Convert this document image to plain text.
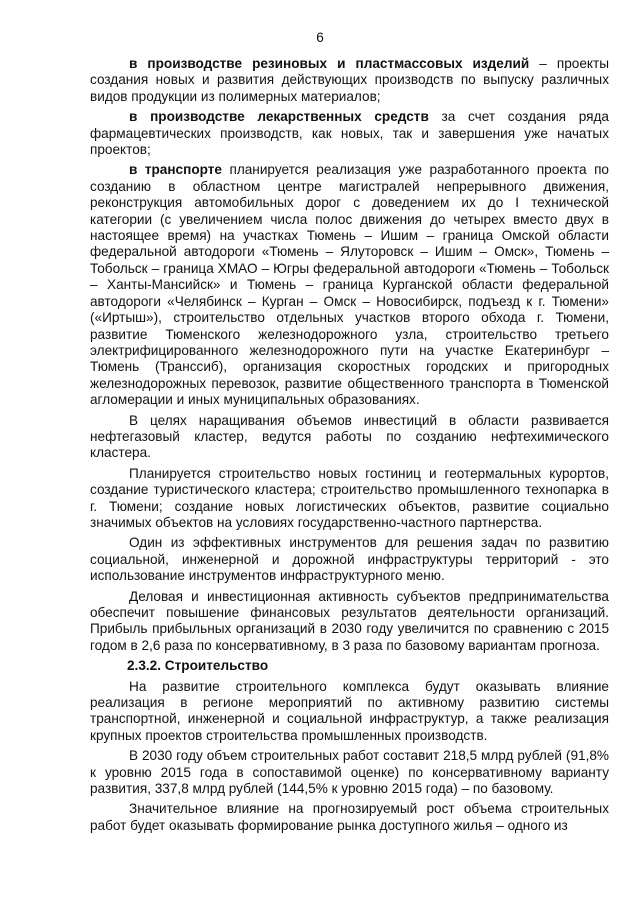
6

в производстве резиновых и пластмассовых изделий – проекты создания новых и развития действующих производств по выпуску различных видов продукции из полимерных материалов;

в производстве лекарственных средств за счет создания ряда фармацевтических производств, как новых, так и завершения уже начатых проектов;

в транспорте планируется реализация уже разработанного проекта по созданию в областном центре магистралей непрерывного движения, реконструкция автомобильных дорог с доведением их до I технической категории (с увеличением числа полос движения до четырех вместо двух в настоящее время) на участках Тюмень – Ишим – граница Омской области федеральной автодороги «Тюмень – Ялуторовск – Ишим – Омск», Тюмень – Тобольск – граница ХМАО – Югры федеральной автодороги «Тюмень – Тобольск – Ханты-Мансийск» и Тюмень – граница Курганской области федеральной автодороги «Челябинск – Курган – Омск – Новосибирск, подъезд к г. Тюмени» («Иртыш»), строительство отдельных участков второго обхода г. Тюмени, развитие Тюменского железнодорожного узла, строительство третьего электрифицированного железнодорожного пути на участке Екатеринбург – Тюмень (Транссиб), организация скоростных городских и пригородных железнодорожных перевозок, развитие общественного транспорта в Тюменской агломерации и иных муниципальных образованиях.

В целях наращивания объемов инвестиций в области развивается нефтегазовый кластер, ведутся работы по созданию нефтехимического кластера.

Планируется строительство новых гостиниц и геотермальных курортов, создание туристического кластера; строительство промышленного технопарка в г. Тюмени; создание новых логистических объектов, развитие социально значимых объектов на условиях государственно-частного партнерства.

Один из эффективных инструментов для решения задач по развитию социальной, инженерной и дорожной инфраструктуры территорий - это использование инструментов инфраструктурного меню.

Деловая и инвестиционная активность субъектов предпринимательства обеспечит повышение финансовых результатов деятельности организаций. Прибыль прибыльных организаций в 2030 году увеличится по сравнению с 2015 годом в 2,6 раза по консервативному, в 3 раза по базовому вариантам прогноза.

2.3.2. Строительство

На развитие строительного комплекса будут оказывать влияние реализация в регионе мероприятий по активному развитию системы транспортной, инженерной и социальной инфраструктур, а также реализация крупных проектов строительства промышленных производств.

В 2030 году объем строительных работ составит 218,5 млрд рублей (91,8% к уровню 2015 года в сопоставимой оценке) по консервативному варианту развития, 337,8 млрд рублей (144,5% к уровню 2015 года) – по базовому.

Значительное влияние на прогнозируемый рост объема строительных работ будет оказывать формирование рынка доступного жилья – одного из
